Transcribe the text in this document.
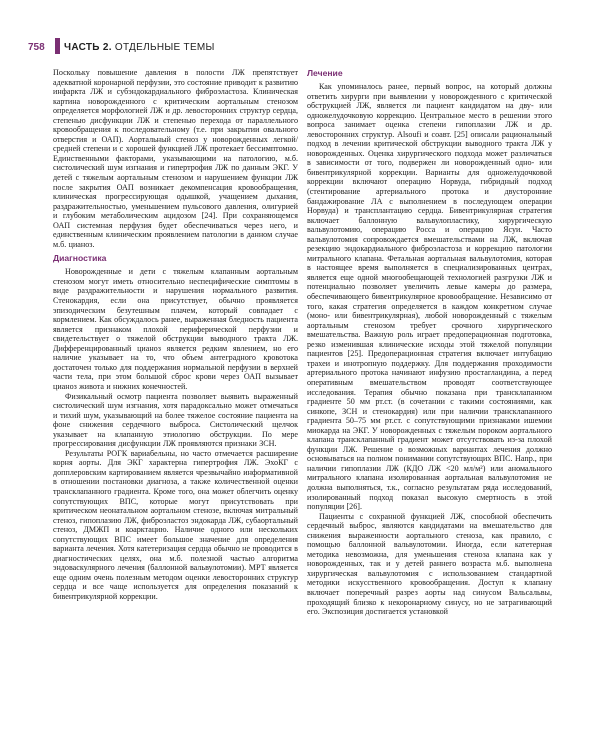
758 ЧАСТЬ 2. ОТДЕЛЬНЫЕ ТЕМЫ

Поскольку повышение давления в полости ЛЖ препятствует адекватной коронарной перфузии, это состояние приводит к развитию инфаркта ЛЖ и субэндокардиального фиброэластоза. Клиническая картина новорожденного с критическим аортальным стенозом определяется морфологией ЛЖ и др. левосторонних структур сердца, степенью дисфункции ЛЖ и степенью перехода от параллельного кровообращения к последовательному (т.е. при закрытии овального отверстия и ОАП). Аортальный стеноз у новорожденных легкой/средней степени и с хорошей функцией ЛЖ протекает бессимптомно. Единственными факторами, указывающими на патологию, м.б. систолический шум изгнания и гипертрофия ЛЖ по данным ЭКГ. У детей с тяжелым аортальным стенозом и нарушением функции ЛЖ после закрытия ОАП возникает декомпенсация кровообращения, клиническая прогрессирующая одышкой, учащением дыхания, раздражительностью, уменьшением пульсового давления, олигурией и глубоким метаболическим ацидозом [24]. При сохраняющемся ОАП системная перфузия будет обеспечиваться через него, и единственным клиническим проявлением патологии в данном случае м.б. цианоз.

Диагностика

Новорожденные и дети с тяжелым клапанным аортальным стенозом могут иметь относительно неспецифические симптомы в виде раздражительности и нарушения нормального развития. Стенокардия, если она присутствует, обычно проявляется эпизодическим безутешным плачем, который совпадает с кормлением. Как обсуждалось ранее, выраженная бледность пациента является признаком плохой периферической перфузии и свидетельствует о тяжелой обструкции выводного тракта ЛЖ. Дифференцированный цианоз является редким явлением, но его наличие указывает на то, что объем антеградного кровотока достаточен только для поддержания нормальной перфузии в верхней части тела, при этом большой сброс крови через ОАП вызывает цианоз живота и нижних конечностей.

Физикальный осмотр пациента позволяет выявить выраженный систолический шум изгнания, хотя парадоксально может отмечаться и тихий шум, указывающий на более тяжелое состояние пациента на фоне снижения сердечного выброса. Систолический щелчок указывает на клапанную этиологию обструкции. По мере прогрессирования дисфункции ЛЖ проявляются признаки ЗСН.

Результаты РОГК вариабельны, но часто отмечается расширение корня аорты. Для ЭКГ характерна гипертрофия ЛЖ. ЭхоКГ с допплеровским картированием является чрезвычайно информативной в отношении постановки диагноза, а также количественной оценки трансклапанного градиента. Кроме того, она может облегчить оценку сопутствующих ВПС, которые могут присутствовать при критическом неонатальном аортальном стенозе, включая митральный стеноз, гипоплазию ЛЖ, фиброэластоз эндокарда ЛЖ, субаортальный стеноз, ДМЖП и коарктацию. Наличие одного или нескольких сопутствующих ВПС имеет большое значение для определения варианта лечения. Хотя катетеризация сердца обычно не проводится в диагностических целях, она м.б. полезной частью алгоритма эндоваскулярного лечения (баллонной вальвулотомии). МРТ является еще одним очень полезным методом оценки левосторонних структур сердца и все чаще используется для определения показаний к бивентрикулярной коррекции.

Лечение

Как упоминалось ранее, первый вопрос, на который должны ответить хирурги при выявлении у новорожденного с критической обструкцией ЛЖ, является ли пациент кандидатом на дву- или одножелудочковую коррекцию. Центральное место в решении этого вопроса занимает оценка степени гипоплазии ЛЖ и др. левосторонних структур. Alsoufi и соавт. [25] описали рациональный подход в лечении критической обструкции выводного тракта ЛЖ у новорожденных. Оценка хирургического подхода может различаться в зависимости от того, подвержен ли новорожденный одно- или бивентрикулярной коррекции. Варианты для одножелудочковой коррекции включают операцию Норвуда, гибридный подход (стентирование артериального протока и двусторонние бандажирование ЛА с выполнением в последующем операции Норвуда) и трансплантацию сердца. Бивентрикулярная стратегия включает баллонную вальвулопластику, хирургическую вальвулотомию, операцию Росса и операцию Ясуи. Часто вальвулотомия сопровождается вмешательствами на ЛЖ, включая резекцию эндокардиального фиброэластоза и коррекцию патологии митрального клапана. Фетальная аортальная вальвулотомия, которая в настоящее время выполняется в специализированных центрах, является еще одной многообещающей технологией разгрузки ЛЖ и потенциально позволяет увеличить левые камеры до размера, обеспечивающего бивентрикулярное кровообращение. Независимо от того, какая стратегия определяется в каждом конкретном случае (моно- или бивентрикулярная), любой новорожденный с тяжелым аортальным стенозом требует срочного хирургического вмешательства. Важную роль играет предоперационная подготовка, резко изменившая клинические исходы этой тяжелой популяции пациентов [25]. Предоперационная стратегия включает интубацию трахеи и инотропную поддержку. Для поддержания проходимости артериального протока начинают инфузию простагландина, а перед оперативным вмешательством проводят соответствующее исследования. Терапия обычно показана при трансклапанном градиенте 50 мм рт.ст. (в сочетании с такими состояниями, как синкопе, ЗСН и стенокардия) или при наличии трансклапанного градиента 50–75 мм рт.ст. с сопутствующими признаками ишемии миокарда на ЭКГ. У новорожденных с тяжелым пороком аортального клапана трансклапанный градиент может отсутствовать из-за плохой функции ЛЖ. Решение о возможных вариантах лечения должно основываться на полном понимании сопутствующих ВПС. Напр., при наличии гипоплазии ЛЖ (КДО ЛЖ <20 мл/м²) или аномального митрального клапана изолированная аортальная вальвулотомия не должна выполняться, т.к., согласно результатам ряда исследований, изолированный подход показал высокую смертность в этой популяции [26].

Пациенты с сохранной функцией ЛЖ, способной обеспечить сердечный выброс, являются кандидатами на вмешательство для снижения выраженности аортального стеноза, как правило, с помощью баллонной вальвулотомии. Иногда, если катетерная методика невозможна, для уменьшения стеноза клапана как у новорожденных, так и у детей раннего возраста м.б. выполнена хирургическая вальвулотомия с использованием стандартной методики искусственного кровообращения. Доступ к клапану включает поперечный разрез аорты над синусом Вальсальвы, проходящий близко к некоронарному синусу, но не затрагивающий его. Экспозиция достигается установкой
